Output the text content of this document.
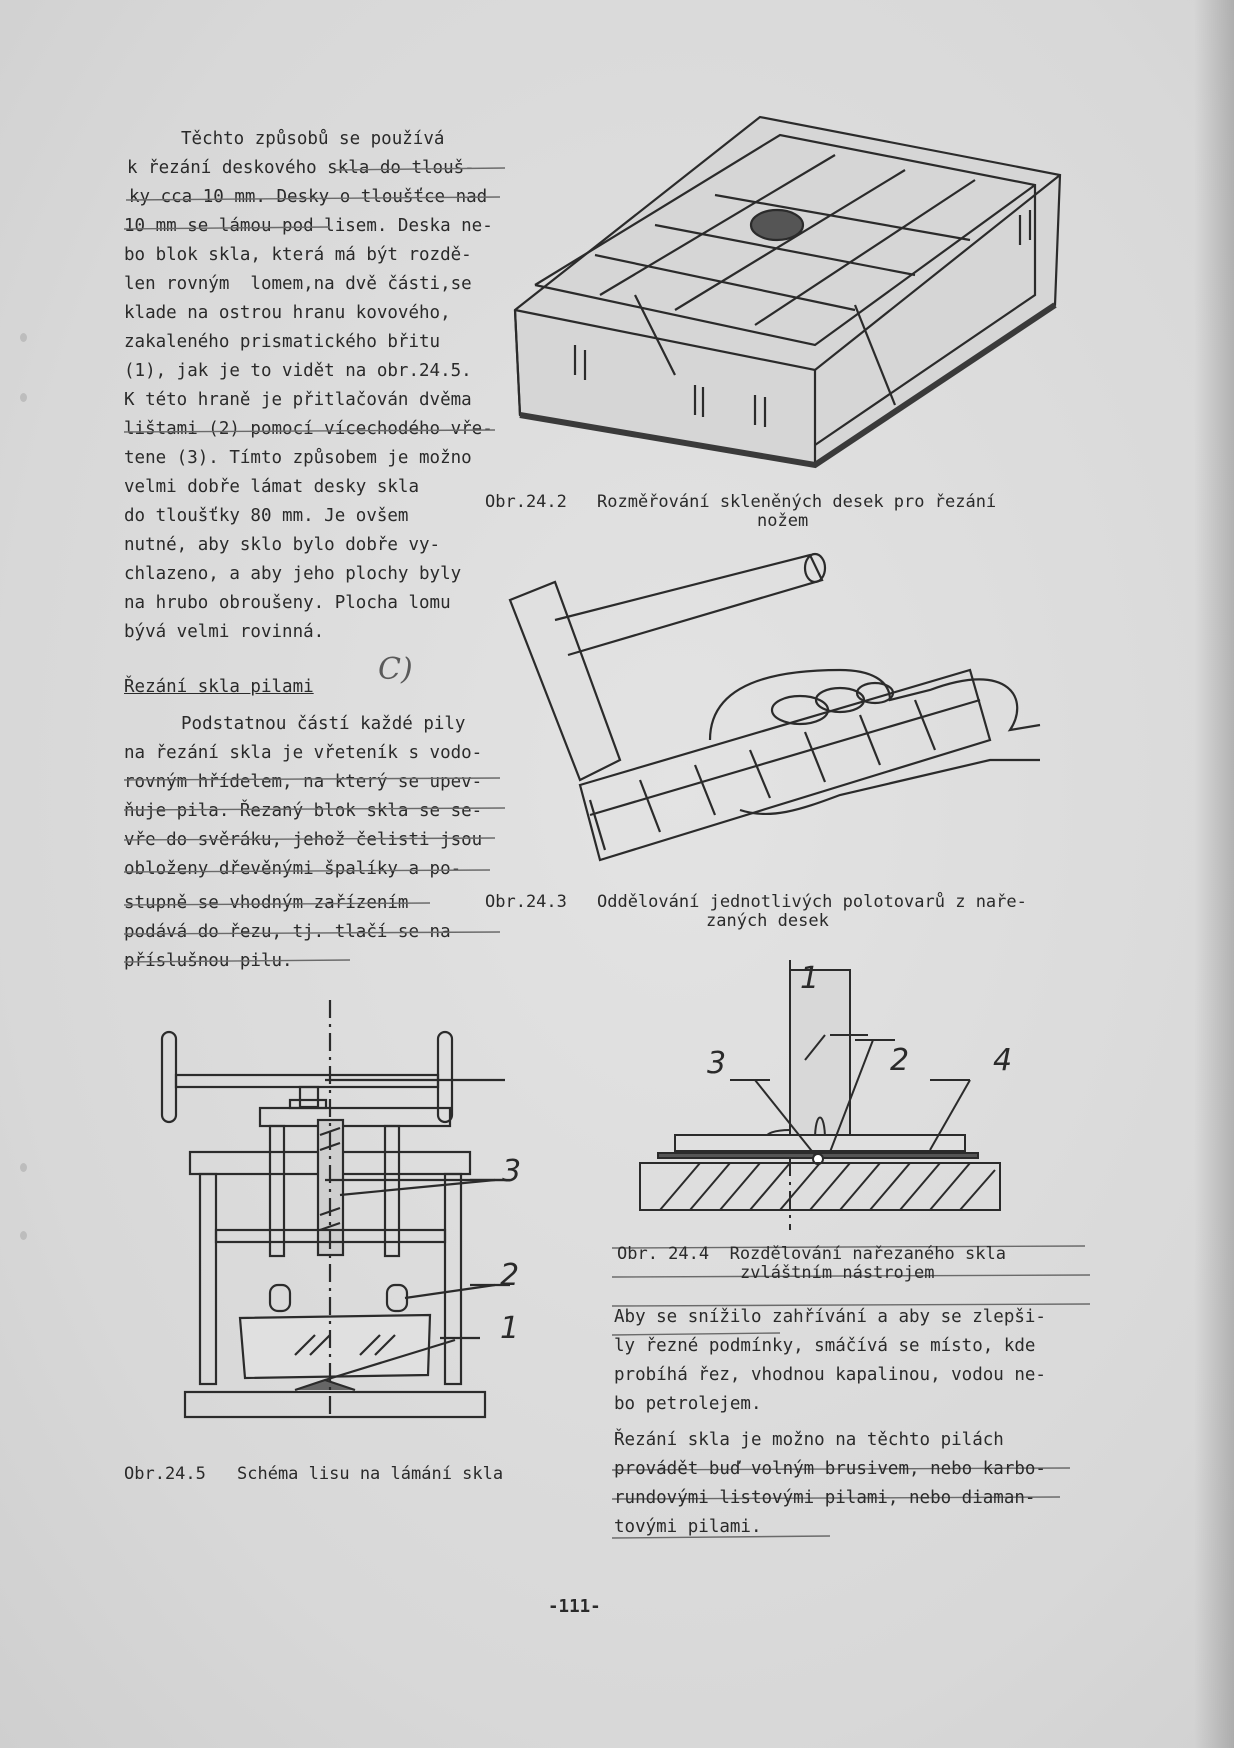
Těchto způsobů se používá
k řezání deskového skla do tlouš-
ky cca 10 mm. Desky o tloušťce nad
10 mm se lámou pod lisem. Deska ne-
bo blok skla, která má být rozdě-
len rovným  lomem,na dvě části,se
klade na ostrou hranu kovového,
zakaleného prismatického břitu
(1), jak je to vidět na obr.24.5.
K této hraně je přitlačován dvěma
lištami (2) pomocí vícechodého vře-
tene (3). Tímto způsobem je možno
velmi dobře lámat desky skla
do tloušťky 80 mm. Je ovšem
nutné, aby sklo bylo dobře vy-
chlazeno, a aby jeho plochy byly
na hrubo obroušeny. Plocha lomu
bývá velmi rovinná.
Řezání skla pilami C)
Podstatnou částí každé pily
na řezání skla je vřeteník s vodo-
rovným hřídelem, na který se upev-
ňuje pila. Řezaný blok skla se se-
vře do svěráku, jehož čelisti jsou
obloženy dřevěnými špalíky a po-
stupně se vhodným zařízením
podává do řezu, tj. tlačí se na
příslušnou pilu.
Obr.24.2 Rozměřování skleněných desek pro řezání
nožem
Obr.24.3 Oddělování jednotlivých polotovarů z naře-
zaných desek
1
3	2	4
Obr. 24.4  Rozdělování nařezaného skla
zvláštním nástrojem
Aby se snížilo zahřívání a aby se zlepši-
ly řezné podmínky, smáčívá se místo, kde
probíhá řez, vhodnou kapalinou, vodou ne-
bo petrolejem.
Řezání skla je možno na těchto pilách
provádět buď volným brusivem, nebo karbo-
rundovými listovými pilami, nebo diaman-
tovými pilami.
3
2
1
Obr.24.5 Schéma lisu na lámání skla
-111-
